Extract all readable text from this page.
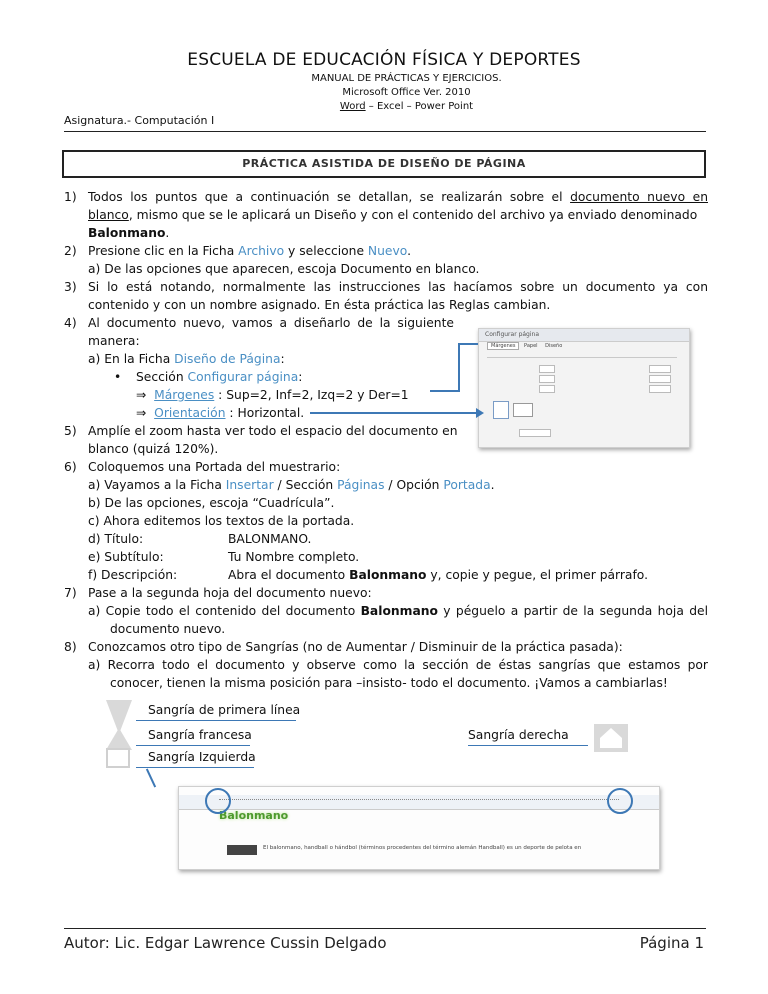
ESCUELA DE EDUCACIÓN FÍSICA Y DEPORTES
MANUAL DE PRÁCTICAS Y EJERCICIOS.
Microsoft Office Ver. 2010
Word – Excel – Power Point
Asignatura.- Computación I
PRÁCTICA ASISTIDA DE DISEÑO DE PÁGINA
1) Todos los puntos que a continuación se detallan, se realizarán sobre el documento nuevo en
blanco, mismo que se le aplicará un Diseño y con el contenido del archivo ya enviado denominado
Balonmano.
2) Presione clic en la Ficha Archivo y seleccione Nuevo.
a) De las opciones que aparecen, escoja Documento en blanco.
3) Si lo está notando, normalmente las instrucciones las hacíamos sobre un documento ya con
contenido y con un nombre asignado. En ésta práctica las Reglas cambian.
4) Al documento nuevo, vamos a diseñarlo de la siguiente
manera:
a) En la Ficha Diseño de Página:
• Sección Configurar página:
⇒ Márgenes : Sup=2, Inf=2, Izq=2 y Der=1
⇒ Orientación : Horizontal.
5) Amplíe el zoom hasta ver todo el espacio del documento en
blanco (quizá 120%).
6) Coloquemos una Portada del muestrario:
a) Vayamos a la Ficha Insertar / Sección Páginas / Opción Portada.
b) De las opciones, escoja “Cuadrícula”.
c) Ahora editemos los textos de la portada.
d) Título:	BALONMANO.
e) Subtítulo:	Tu Nombre completo.
f) Descripción:	Abra el documento Balonmano y, copie y pegue, el primer párrafo.
7) Pase a la segunda hoja del documento nuevo:
a) Copie todo el contenido del documento Balonmano y péguelo a partir de la segunda hoja del
documento nuevo.
8) Conozcamos otro tipo de Sangrías (no de Aumentar / Disminuir de la práctica pasada):
a) Recorra todo el documento y observe como la sección de éstas sangrías que estamos por
conocer, tienen la misma posición para –insisto- todo el documento. ¡Vamos a cambiarlas!
Configurar página
Márgenes Papel Diseño
Sangría de primera línea
Sangría francesa
Sangría Izquierda
Sangría derecha
Balonmano
El balonmano, handball o hándbol (términos procedentes del término alemán Handball) es un deporte de pelota en
Autor: Lic. Edgar Lawrence Cussin Delgado	Página 1
